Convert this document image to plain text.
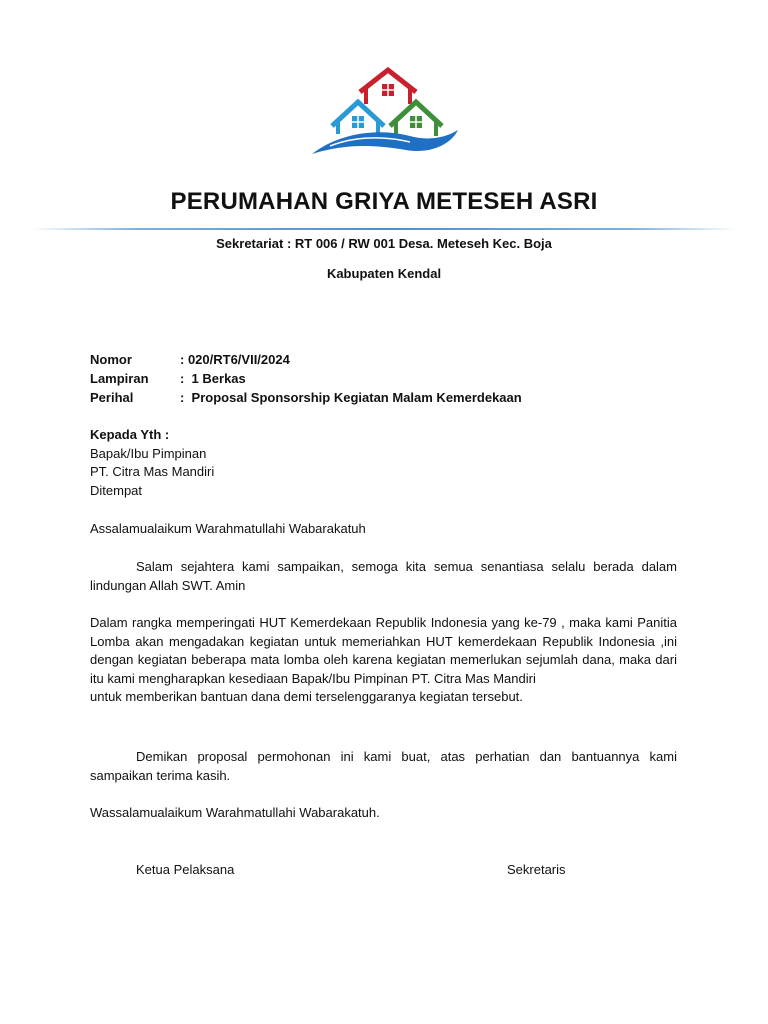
PERUMAHAN GRIYA METESEH ASRI
Sekretariat : RT 006 / RW 001 Desa. Meteseh Kec. Boja
Kabupaten Kendal
Nomor	: 020/RT6/VII/2024
Lampiran	:  1 Berkas
Perihal	:  Proposal Sponsorship Kegiatan Malam Kemerdekaan
Kepada Yth :
Bapak/Ibu Pimpinan
PT. Citra Mas Mandiri
Ditempat
Assalamualaikum Warahmatullahi Wabarakatuh
Salam sejahtera kami sampaikan, semoga kita semua senantiasa selalu berada dalam lindungan Allah SWT. Amin
Dalam rangka memperingati HUT Kemerdekaan Republik Indonesia yang ke-79 , maka kami Panitia Lomba akan mengadakan kegiatan untuk memeriahkan HUT kemerdekaan Republik Indonesia ,ini dengan kegiatan beberapa mata lomba oleh karena kegiatan memerlukan sejumlah dana, maka dari itu kami mengharapkan kesediaan Bapak/Ibu Pimpinan PT. Citra Mas Mandiri
untuk memberikan bantuan dana demi terselenggaranya kegiatan tersebut.
Demikan proposal permohonan ini kami buat, atas perhatian dan bantuannya kami sampaikan terima kasih.
Wassalamualaikum Warahmatullahi Wabarakatuh.
Ketua Pelaksana	Sekretaris
